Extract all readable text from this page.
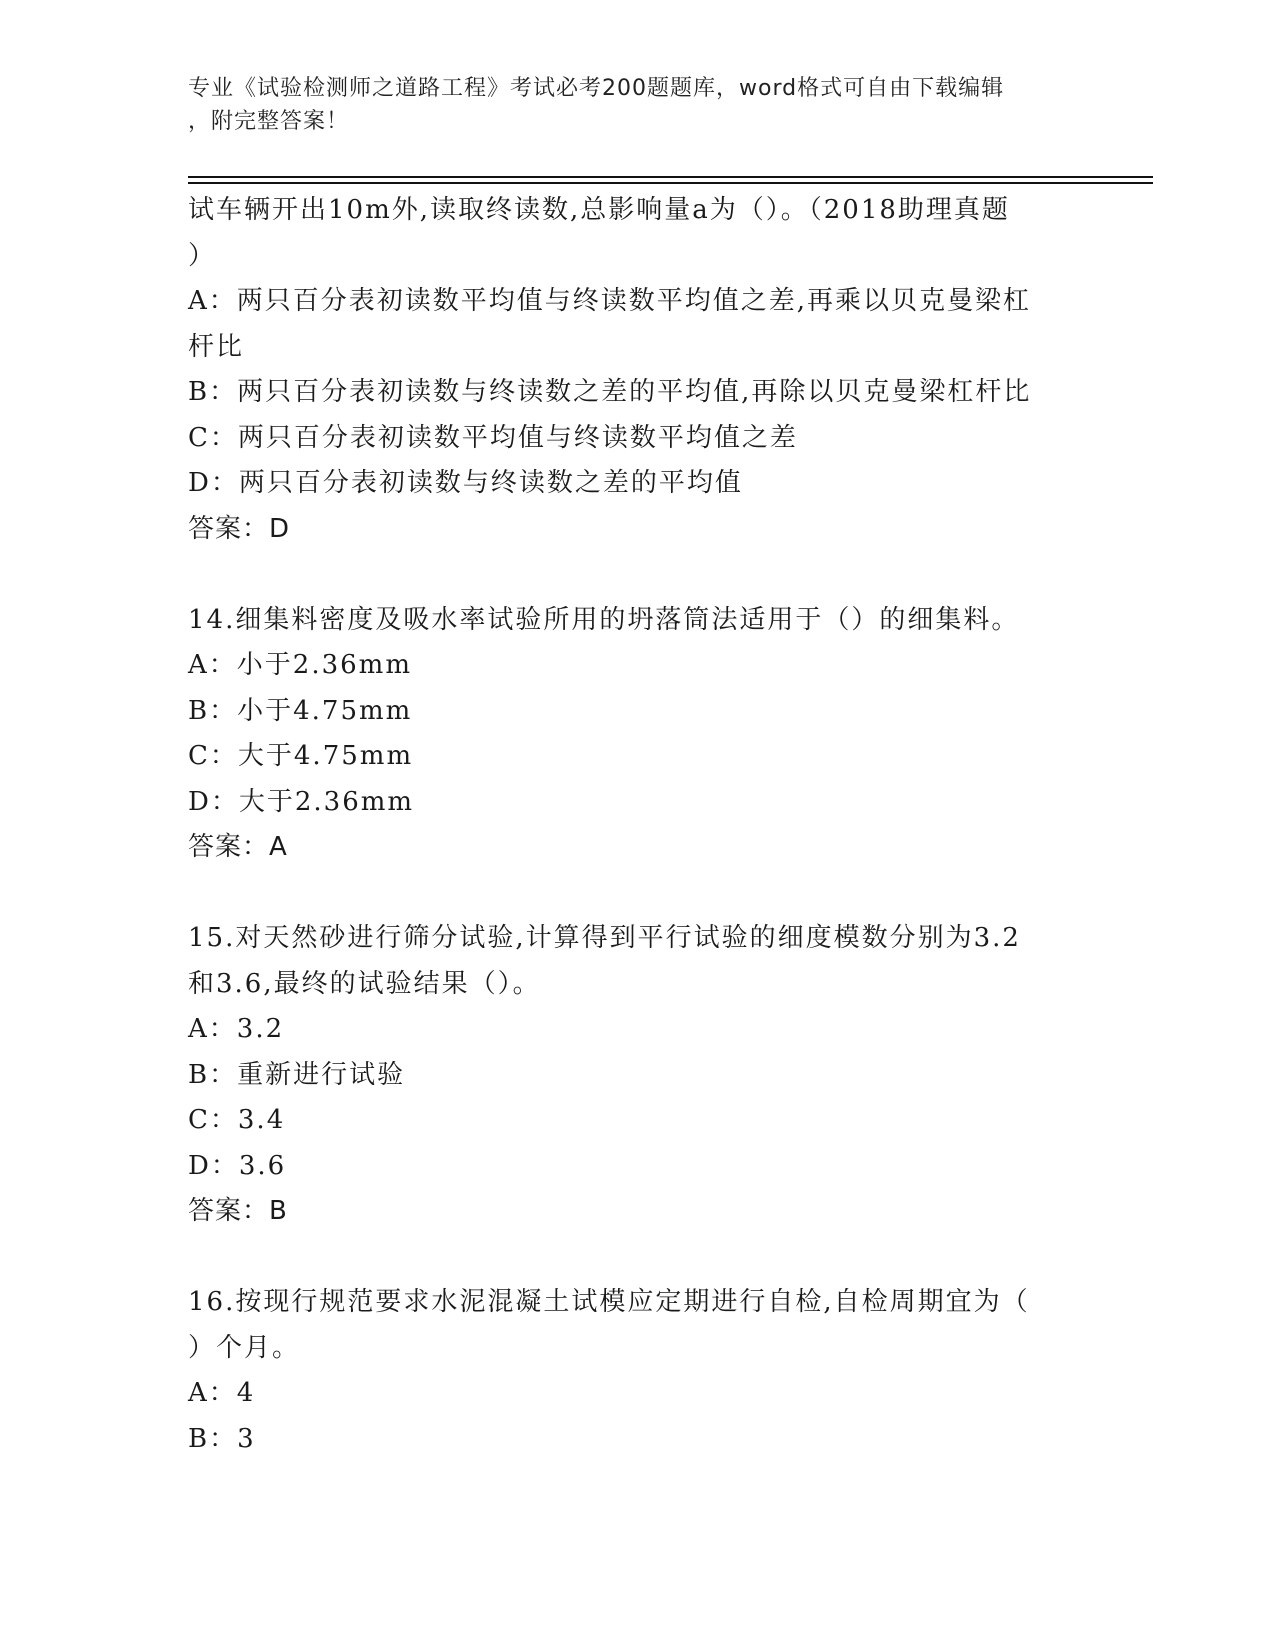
专业《试验检测师之道路工程》考试必考200题题库，word格式可自由下载编辑
，附完整答案！
试车辆开出10m外,读取终读数,总影响量a为（）。（2018助理真题
）
A：两只百分表初读数平均值与终读数平均值之差,再乘以贝克曼梁杠
杆比
B：两只百分表初读数与终读数之差的平均值,再除以贝克曼梁杠杆比
C：两只百分表初读数平均值与终读数平均值之差
D：两只百分表初读数与终读数之差的平均值
答案：D
14.细集料密度及吸水率试验所用的坍落筒法适用于（）的细集料。
A：小于2.36mm
B：小于4.75mm
C：大于4.75mm
D：大于2.36mm
答案：A
15.对天然砂进行筛分试验,计算得到平行试验的细度模数分别为3.2
和3.6,最终的试验结果（）。
A：3.2
B：重新进行试验
C：3.4
D：3.6
答案：B
16.按现行规范要求水泥混凝土试模应定期进行自检,自检周期宜为（
）个月。
A：4
B：3
